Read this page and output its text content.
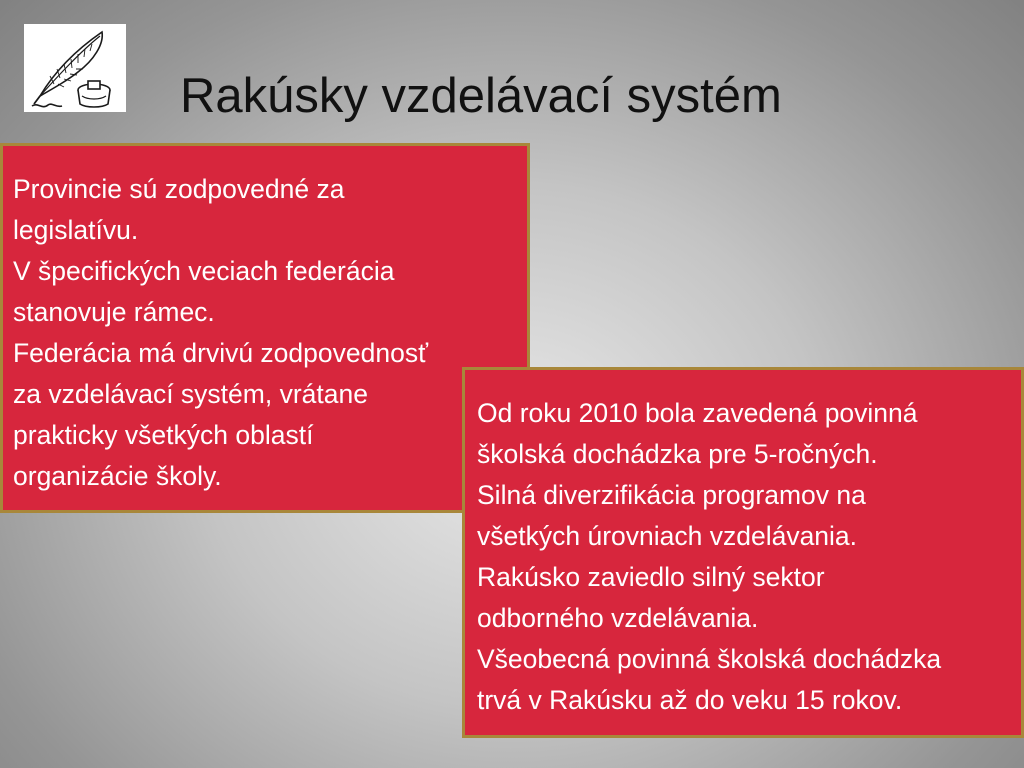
Rakúsky vzdelávací systém

Provincie sú zodpovedné za

legislatívu.

V špecifických veciach federácia

stanovuje rámec.

Federácia má drvivú zodpovednosť

za vzdelávací systém, vrátane

prakticky všetkých oblastí

organizácie školy.

Od roku 2010 bola zavedená povinná

školská dochádzka pre 5-ročných.

Silná diverzifikácia programov na

všetkých úrovniach vzdelávania.

Rakúsko zaviedlo silný sektor

odborného vzdelávania.

Všeobecná povinná školská dochádzka

trvá v Rakúsku až do veku 15 rokov.
